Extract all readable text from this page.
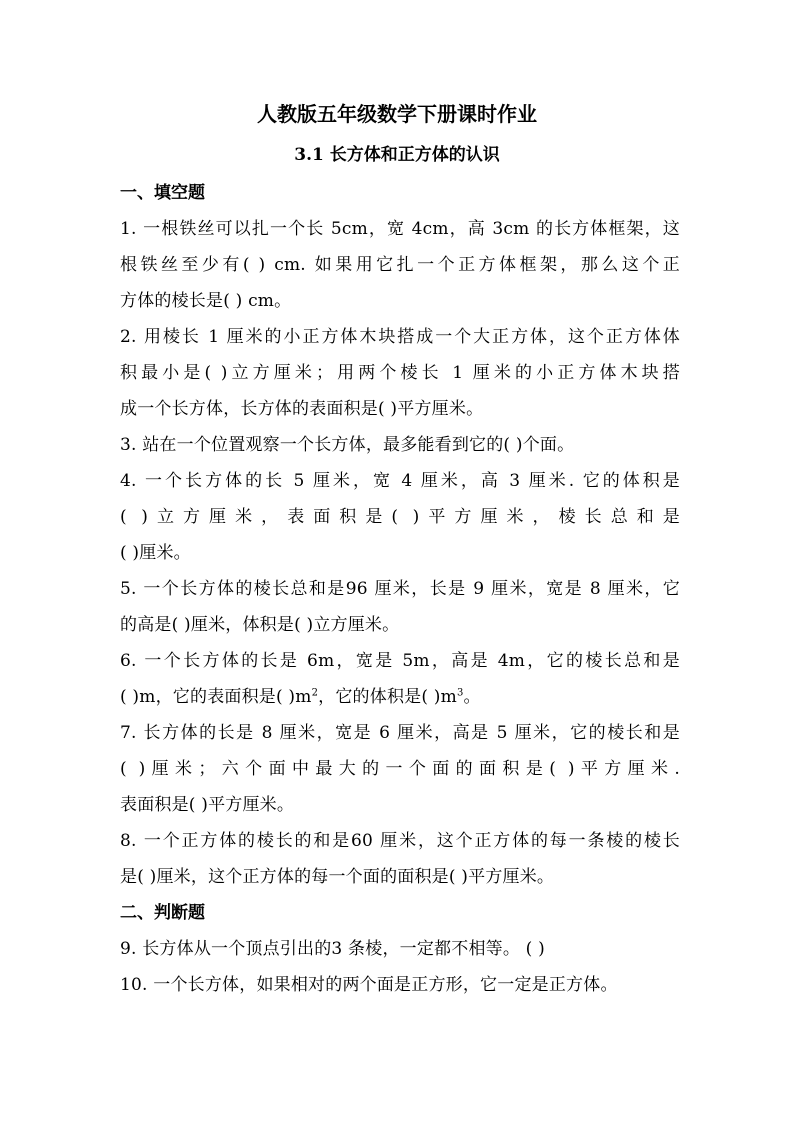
人教版五年级数学下册课时作业
3.1 长方体和正方体的认识
一、填空题
1. 一根铁丝可以扎一个长 5cm，宽 4cm，高 3cm 的长方体框架，这
根铁丝至少有( ) cm. 如果用它扎一个正方体框架，那么这个正
方体的棱长是( ) cm。
2. 用棱长 1 厘米的小正方体木块搭成一个大正方体，这个正方体体
积最小是( )立方厘米；用两个棱长 1 厘米的小正方体木块搭
成一个长方体，长方体的表面积是( )平方厘米。
3. 站在一个位置观察一个长方体，最多能看到它的( )个面。
4. 一个长方体的长 5 厘米，宽 4 厘米，高 3 厘米. 它的体积是
( )立方厘米，表面积是( )平方厘米，棱长总和是
( )厘米。
5. 一个长方体的棱长总和是96 厘米，长是 9 厘米，宽是 8 厘米，它
的高是( )厘米，体积是( )立方厘米。
6. 一个长方体的长是 6m，宽是 5m，高是 4m，它的棱长总和是
( )m，它的表面积是( )$m^2$，它的体积是( )$m^3$。
7. 长方体的长是 8 厘米，宽是 6 厘米，高是 5 厘米，它的棱长和是
( )厘米；六个面中最大的一个面的面积是( )平方厘米.
表面积是( )平方厘米。
8. 一个正方体的棱长的和是60 厘米，这个正方体的每一条棱的棱长
是( )厘米，这个正方体的每一个面的面积是( )平方厘米。
二、判断题
9. 长方体从一个顶点引出的3 条棱，一定都不相等。 ( )
10. 一个长方体，如果相对的两个面是正方形，它一定是正方体。
